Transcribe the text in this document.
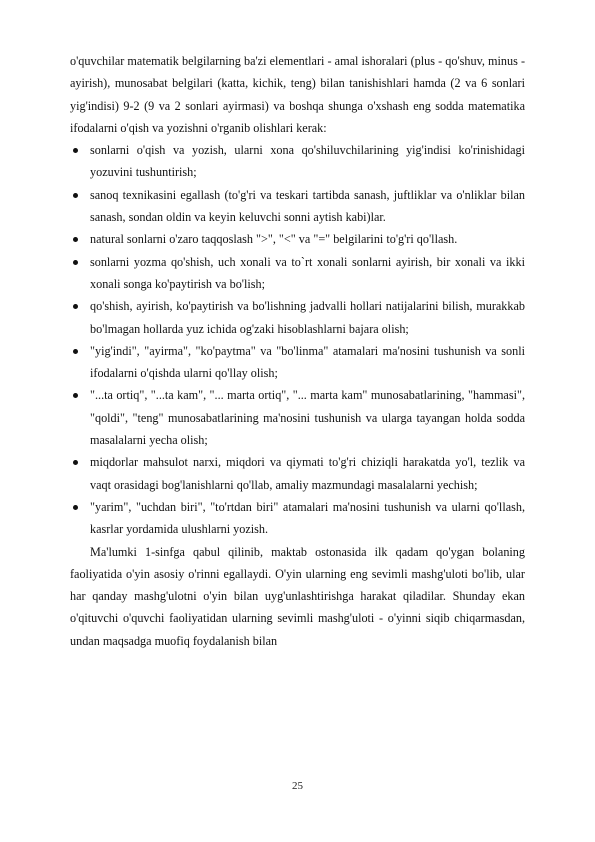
o'quvchilar matematik belgilarning ba'zi elementlari - amal ishoralari (plus - qo'shuv, minus - ayirish), munosabat belgilari (katta, kichik, teng) bilan tanishishlari hamda (2 va 6 sonlari yig'indisi) 9-2 (9 va 2 sonlari ayirmasi) va boshqa shunga o'xshash eng sodda matematika ifodalarni o'qish va yozishni o'rganib olishlari kerak:

sonlarni o'qish va yozish, ularni xona qo'shiluvchilarining yig'indisi ko'rinishidagi yozuvini tushuntirish;
sanoq texnikasini egallash (to'g'ri va teskari tartibda sanash, juftliklar va o'nliklar bilan sanash, sondan oldin va keyin keluvchi sonni aytish kabi)lar.
natural sonlarni o'zaro taqqoslash ">", "<" va "=" belgilarini to'g'ri qo'llash.
sonlarni yozma qo'shish, uch xonali va to`rt xonali sonlarni ayirish, bir xonali va ikki xonali songa ko'paytirish va bo'lish;
qo'shish, ayirish, ko'paytirish va bo'lishning jadvalli hollari natijalarini bilish, murakkab bo'lmagan hollarda yuz ichida og'zaki hisoblashlarni bajara olish;
"yig'indi", "ayirma", "ko'paytma" va "bo'linma" atamalari ma'nosini tushunish va sonli ifodalarni o'qishda ularni qo'llay olish;
"...ta ortiq", "...ta kam", "... marta ortiq", "... marta kam" munosabatlarining, "hammasi", "qoldi", "teng" munosabatlarining ma'nosini tushunish va ularga tayangan holda sodda masalalarni yecha olish;
miqdorlar mahsulot narxi, miqdori va qiymati to'g'ri chiziqli harakatda yo'l, tezlik va vaqt orasidagi bog'lanishlarni qo'llab, amaliy mazmundagi masalalarni yechish;
"yarim", "uchdan biri", "to'rtdan biri" atamalari ma'nosini tushunish va ularni qo'llash, kasrlar yordamida ulushlarni yozish.

Ma'lumki 1-sinfga qabul qilinib, maktab ostonasida ilk qadam qo'ygan bolaning faoliyatida o'yin asosiy o'rinni egallaydi. O'yin ularning eng sevimli mashg'uloti bo'lib, ular har qanday mashg'ulotni o'yin bilan uyg'unlashtirishga harakat qiladilar. Shunday ekan o'qituvchi o'quvchi faoliyatidan ularning sevimli mashg'uloti - o'yinni siqib chiqarmasdan, undan maqsadga muofiq foydalanish bilan

25
